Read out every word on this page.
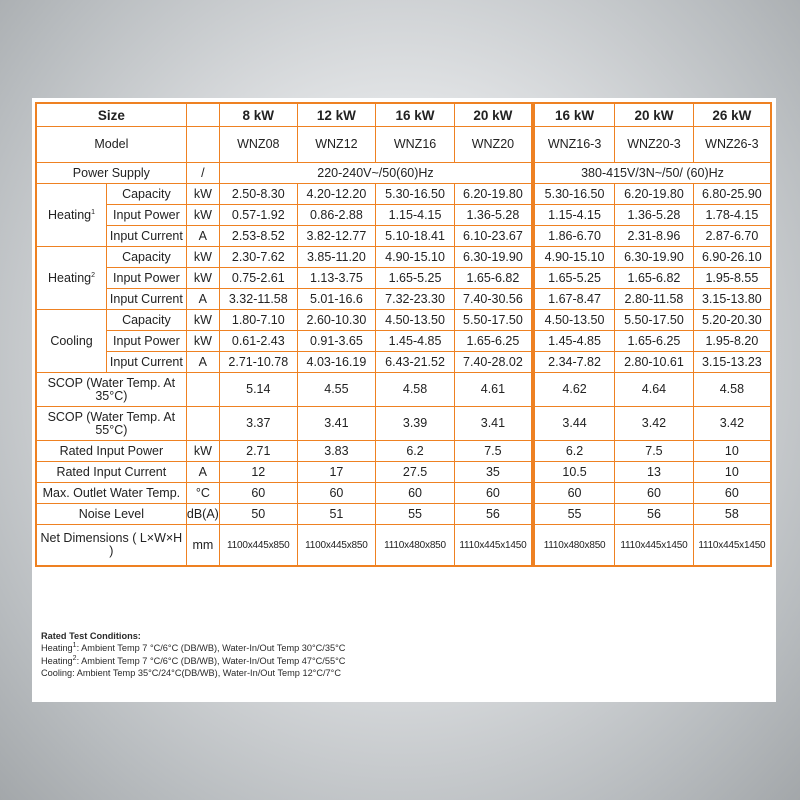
Size			8 kW	12 kW	16 kW	20 kW	16 kW	20 kW	26 kW
Model			WNZ08	WNZ12	WNZ16	WNZ20	WNZ16-3	WNZ20-3	WNZ26-3
Power Supply		/	220-240V~/50(60)Hz				380-415V/3N~/50/ (60)Hz		
Heating$^1$	Capacity	kW	2.50-8.30	4.20-12.20	5.30-16.50	6.20-19.80	5.30-16.50	6.20-19.80	6.80-25.90
	Input Power	kW	0.57-1.92	0.86-2.88	1.15-4.15	1.36-5.28	1.15-4.15	1.36-5.28	1.78-4.15
	Input Current	A	2.53-8.52	3.82-12.77	5.10-18.41	6.10-23.67	1.86-6.70	2.31-8.96	2.87-6.70
Heating$^2$	Capacity	kW	2.30-7.62	3.85-11.20	4.90-15.10	6.30-19.90	4.90-15.10	6.30-19.90	6.90-26.10
	Input Power	kW	0.75-2.61	1.13-3.75	1.65-5.25	1.65-6.82	1.65-5.25	1.65-6.82	1.95-8.55
	Input Current	A	3.32-11.58	5.01-16.6	7.32-23.30	7.40-30.56	1.67-8.47	2.80-11.58	3.15-13.80
Cooling	Capacity	kW	1.80-7.10	2.60-10.30	4.50-13.50	5.50-17.50	4.50-13.50	5.50-17.50	5.20-20.30
	Input Power	kW	0.61-2.43	0.91-3.65	1.45-4.85	1.65-6.25	1.45-4.85	1.65-6.25	1.95-8.20
	Input Current	A	2.71-10.78	4.03-16.19	6.43-21.52	7.40-28.02	2.34-7.82	2.80-10.61	3.15-13.23
SCOP (Water Temp. At 35°C)			5.14	4.55	4.58	4.61	4.62	4.64	4.58
SCOP (Water Temp. At 55°C)			3.37	3.41	3.39	3.41	3.44	3.42	3.42
Rated Input Power		kW	2.71	3.83	6.2	7.5	6.2	7.5	10
Rated Input Current		A	12	17	27.5	35	10.5	13	10
Max. Outlet Water Temp.		°C	60	60	60	60	60	60	60
Noise Level		dB(A)	50	51	55	56	55	56	58
Net Dimensions ( L×W×H )		mm	1100x445x850	1100x445x850	1110x480x850	1110x445x1450	1110x480x850	1110x445x1450	1110x445x1450
Rated Test Conditions:
Heating$^1$: Ambient Temp 7 °C/6°C (DB/WB), Water-In/Out Temp 30°C/35°C
Heating$^2$: Ambient Temp 7 °C/6°C (DB/WB), Water-In/Out Temp 47°C/55°C
Cooling: Ambient Temp 35°C/24°C(DB/WB), Water-In/Out Temp 12°C/7°C
